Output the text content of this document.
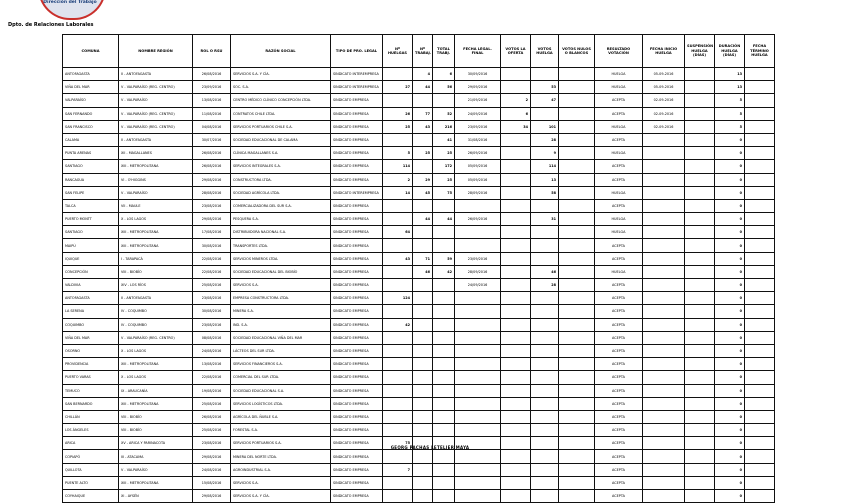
Dirección del Trabajo
Dpto. de Relaciones Laborales
COMUNA	NOMBRE REGIÓN	ROL O RSU	RAZÓN SOCIAL	TIPO DE PRO. LEGAL	Nº HUELGAS	Nº TRABAJ.	TOTAL TRABJ.	FECHA LEGAL. FINAL	VOTOS LA OFERTA	VOTOS HUELGA	VOTOS NULOS O BLANCOS	RESULTADO VOTACIÓN	FECHA INICIO HUELGA	SUSPENSIÓN HUELGA (DÍAS)	DURACIÓN HUELGA (DÍAS)	FECHA TÉRMINO HUELGA
ANTOFAGASTA	II - ANTOFAGASTA	26/08/2016	SERVICIOS S.A. Y CÍA.	SINDICATO INTEREMPRESA		4	6	30/09/2016				HUELGA	05-09-2016		13	
VIÑA DEL MAR	V - VALPARAÍSO (REG. CENTRO)	23/09/2016	SOC. S.A.	SINDICATO INTEREMPRESA	27	44	56	29/09/2016		53		HUELGA	05-09-2016		13	
VALPARAÍSO	V - VALPARAÍSO	13/08/2016	CENTRO MÉDICO CLÍNICO CONCEPCIÓN LTDA.	SINDICATO EMPRESA				21/09/2016	2	47		ACEPTA	02-09-2016		5	
SAN FERNANDO	V - VALPARAÍSO (REG. CENTRO)	11/08/2016	CONTRATOS CHILE LTDA.	SINDICATO EMPRESA	26	77	52	24/09/2016	6			ACEPTA	02-09-2016		5	
SAN FRANCISCO	V - VALPARAÍSO (REG. CENTRO)	04/08/2016	SERVICIOS PORTUARIOS CHILE S.A.	SINDICATO EMPRESA	25	43	216	23/09/2016	34	101		HUELGA	02-09-2016		5	
CALAMA	II - ANTOFAGASTA	30/07/2016	SOCIEDAD EDUCACIONAL DE CALAMA	SINDICATO EMPRESA			41	31/08/2016		28		ACEPTA			0	
PUNTA ARENAS	XII - MAGALLANES	26/08/2016	CLÍNICA MAGALLANES S.A.	SINDICATO EMPRESA	5	25	25	26/09/2016		9		HUELGA			0	
SANTIAGO	XIII - METROPOLITANA	26/08/2016	SERVICIOS INTEGRALES S.A.	SINDICATO EMPRESA	114		172	05/09/2016		114		ACEPTA			0	
RANCAGUA	VI - O'HIGGINS	29/08/2016	CONSTRUCTORA LTDA.	SINDICATO EMPRESA	2	29	25	05/09/2016		13		ACEPTA			0	
SAN FELIPE	V - VALPARAÍSO	28/08/2016	SOCIEDAD AGRÍCOLA LTDA.	SINDICATO INTEREMPRESA	14	45	75	28/09/2016		58		HUELGA			0	
TALCA	VII - MAULE	23/08/2016	COMERCIALIZADORA DEL SUR S.A.	SINDICATO EMPRESA								ACEPTA			0	
PUERTO MONTT	X - LOS LAGOS	29/08/2016	PESQUERA S.A.	SINDICATO EMPRESA		44	44	26/09/2016		31		HUELGA			0	
SANTIAGO	XIII - METROPOLITANA	17/08/2016	DISTRIBUIDORA NACIONAL S.A.	SINDICATO EMPRESA	64							HUELGA			0	
MAIPÚ	XIII - METROPOLITANA	30/08/2016	TRANSPORTES LTDA.	SINDICATO EMPRESA								ACEPTA			0	
IQUIQUE	I - TARAPACÁ	22/08/2016	SERVICIOS MINEROS LTDA.	SINDICATO EMPRESA	43	71	59	23/09/2016				ACEPTA			0	
CONCEPCIÓN	VIII - BIOBÍO	22/08/2016	SOCIEDAD EDUCACIONAL DEL BIOBÍO	SINDICATO EMPRESA		46	42	28/09/2016		46		HUELGA			0	
VALDIVIA	XIV - LOS RÍOS	25/08/2016	SERVICIOS S.A.	SINDICATO EMPRESA				24/09/2016		28		ACEPTA			0	
ANTOFAGASTA	II - ANTOFAGASTA	23/08/2016	EMPRESA CONSTRUCTORA LTDA.	SINDICATO EMPRESA	124							ACEPTA			0	
LA SERENA	IV - COQUIMBO	30/08/2016	MINERA S.A.	SINDICATO EMPRESA								ACEPTA			0	
COQUIMBO	IV - COQUIMBO	23/08/2016	IND. S.A.	SINDICATO EMPRESA	42							ACEPTA			0	
VIÑA DEL MAR	V - VALPARAÍSO (REG. CENTRO)	08/08/2016	SOCIEDAD EDUCACIONAL VIÑA DEL MAR	SINDICATO EMPRESA								ACEPTA			0	
OSORNO	X - LOS LAGOS	24/08/2016	LÁCTEOS DEL SUR LTDA.	SINDICATO EMPRESA								ACEPTA			0	
PROVIDENCIA	XIII - METROPOLITANA	13/08/2016	SERVICIOS FINANCIEROS S.A.	SINDICATO EMPRESA								ACEPTA			0	
PUERTO VARAS	X - LOS LAGOS	22/08/2016	COMERCIAL DEL SUR LTDA.	SINDICATO EMPRESA								ACEPTA			0	
TEMUCO	IX - ARAUCANÍA	19/08/2016	SOCIEDAD EDUCACIONAL S.A.	SINDICATO EMPRESA								ACEPTA			0	
SAN BERNARDO	XIII - METROPOLITANA	25/08/2016	SERVICIOS LOGÍSTICOS LTDA.	SINDICATO EMPRESA								ACEPTA			0	
CHILLÁN	VIII - BIOBÍO	26/08/2016	AGRÍCOLA DEL ÑUBLE S.A.	SINDICATO EMPRESA								ACEPTA			0	
LOS ÁNGELES	VIII - BIOBÍO	25/08/2016	FORESTAL S.A.	SINDICATO EMPRESA								ACEPTA			0	
ARICA	XV - ARICA Y PARINACOTA	23/08/2016	SERVICIOS PORTUARIOS S.A.	SINDICATO EMPRESA	75							ACEPTA			0	
COPIAPÓ	III - ATACAMA	29/08/2016	MINERA DEL NORTE LTDA.	SINDICATO EMPRESA								ACEPTA			0	
QUILLOTA	V - VALPARAÍSO	24/08/2016	AGROINDUSTRIAL S.A.	SINDICATO EMPRESA	7							ACEPTA			0	
PUENTE ALTO	XIII - METROPOLITANA	15/08/2016	SERVICIOS S.A.	SINDICATO EMPRESA								ACEPTA			0	
COYHAIQUE	XI - AYSÉN	29/08/2016	SERVICIOS S.A. Y CÍA.	SINDICATO EMPRESA								ACEPTA			0	
GEORG PACHAS LETELIER MAYA
